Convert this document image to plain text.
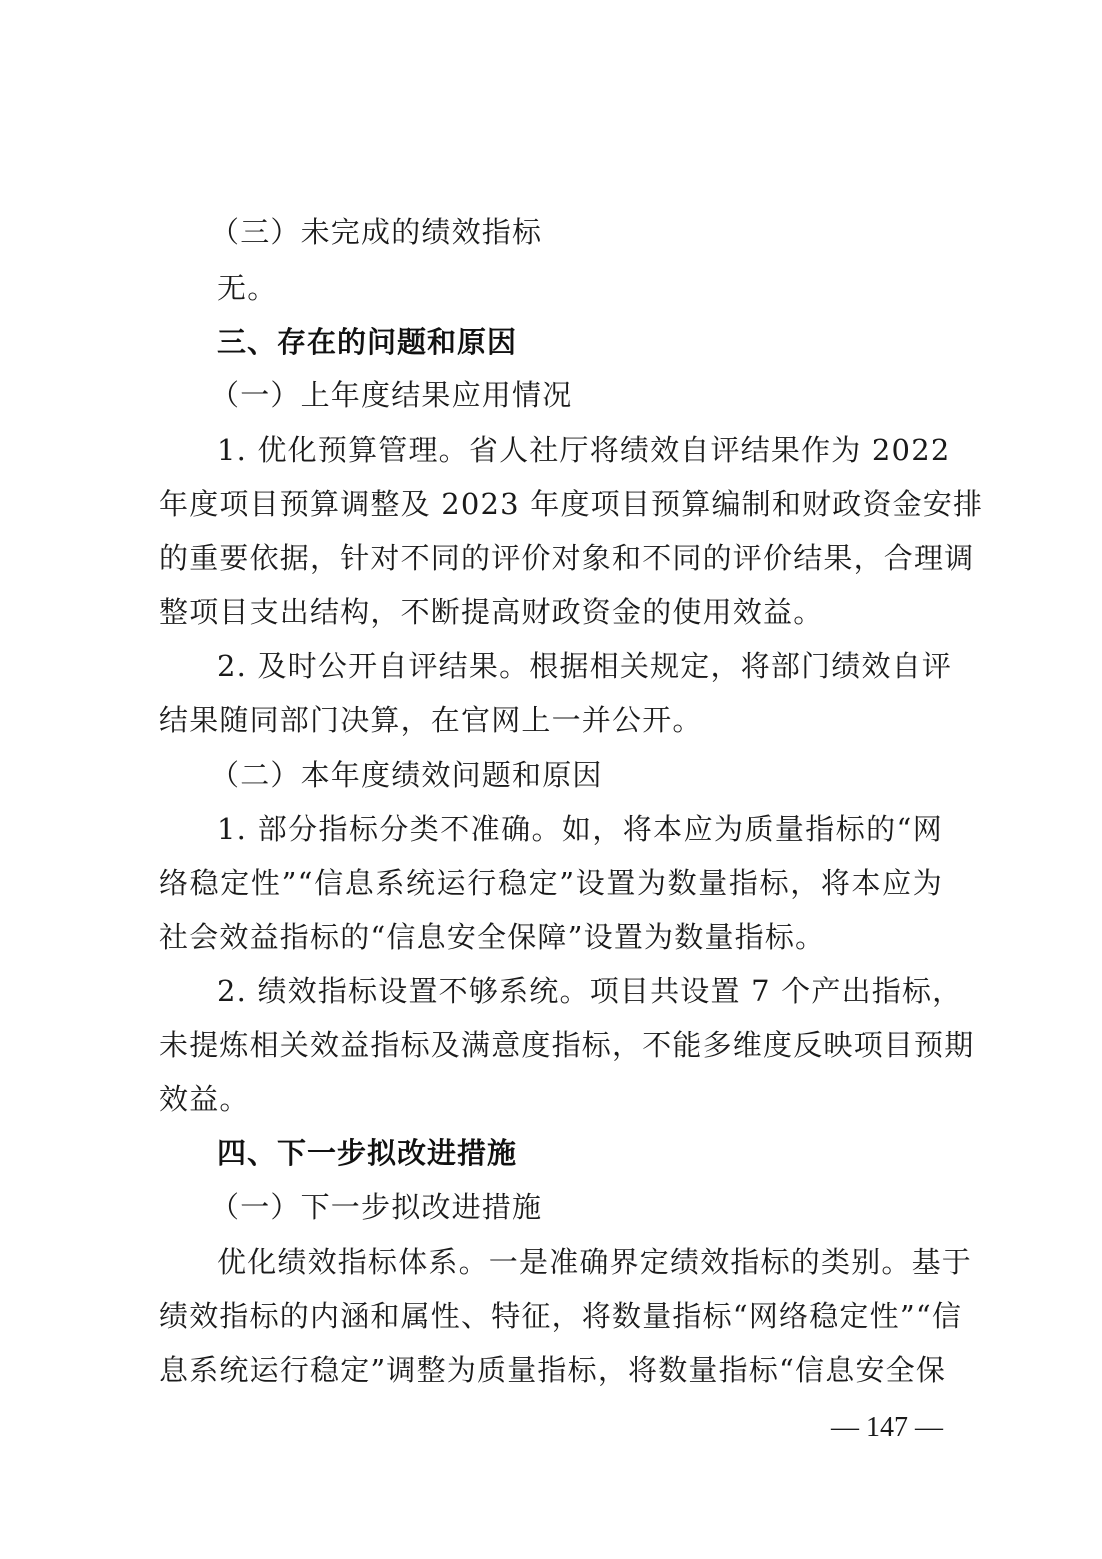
（三）未完成的绩效指标
无。
三、存在的问题和原因
（一）上年度结果应用情况
1. 优化预算管理。省人社厅将绩效自评结果作为 2022
年度项目预算调整及 2023 年度项目预算编制和财政资金安排
的重要依据，针对不同的评价对象和不同的评价结果，合理调
整项目支出结构，不断提高财政资金的使用效益。
2. 及时公开自评结果。根据相关规定，将部门绩效自评
结果随同部门决算，在官网上一并公开。
（二）本年度绩效问题和原因
1. 部分指标分类不准确。如，将本应为质量指标的“网
络稳定性”“信息系统运行稳定”设置为数量指标，将本应为
社会效益指标的“信息安全保障”设置为数量指标。
2. 绩效指标设置不够系统。项目共设置 7 个产出指标，
未提炼相关效益指标及满意度指标，不能多维度反映项目预期
效益。
四、下一步拟改进措施
（一）下一步拟改进措施
优化绩效指标体系。一是准确界定绩效指标的类别。基于
绩效指标的内涵和属性、特征，将数量指标“网络稳定性”“信
息系统运行稳定”调整为质量指标，将数量指标“信息安全保
— 147 —
